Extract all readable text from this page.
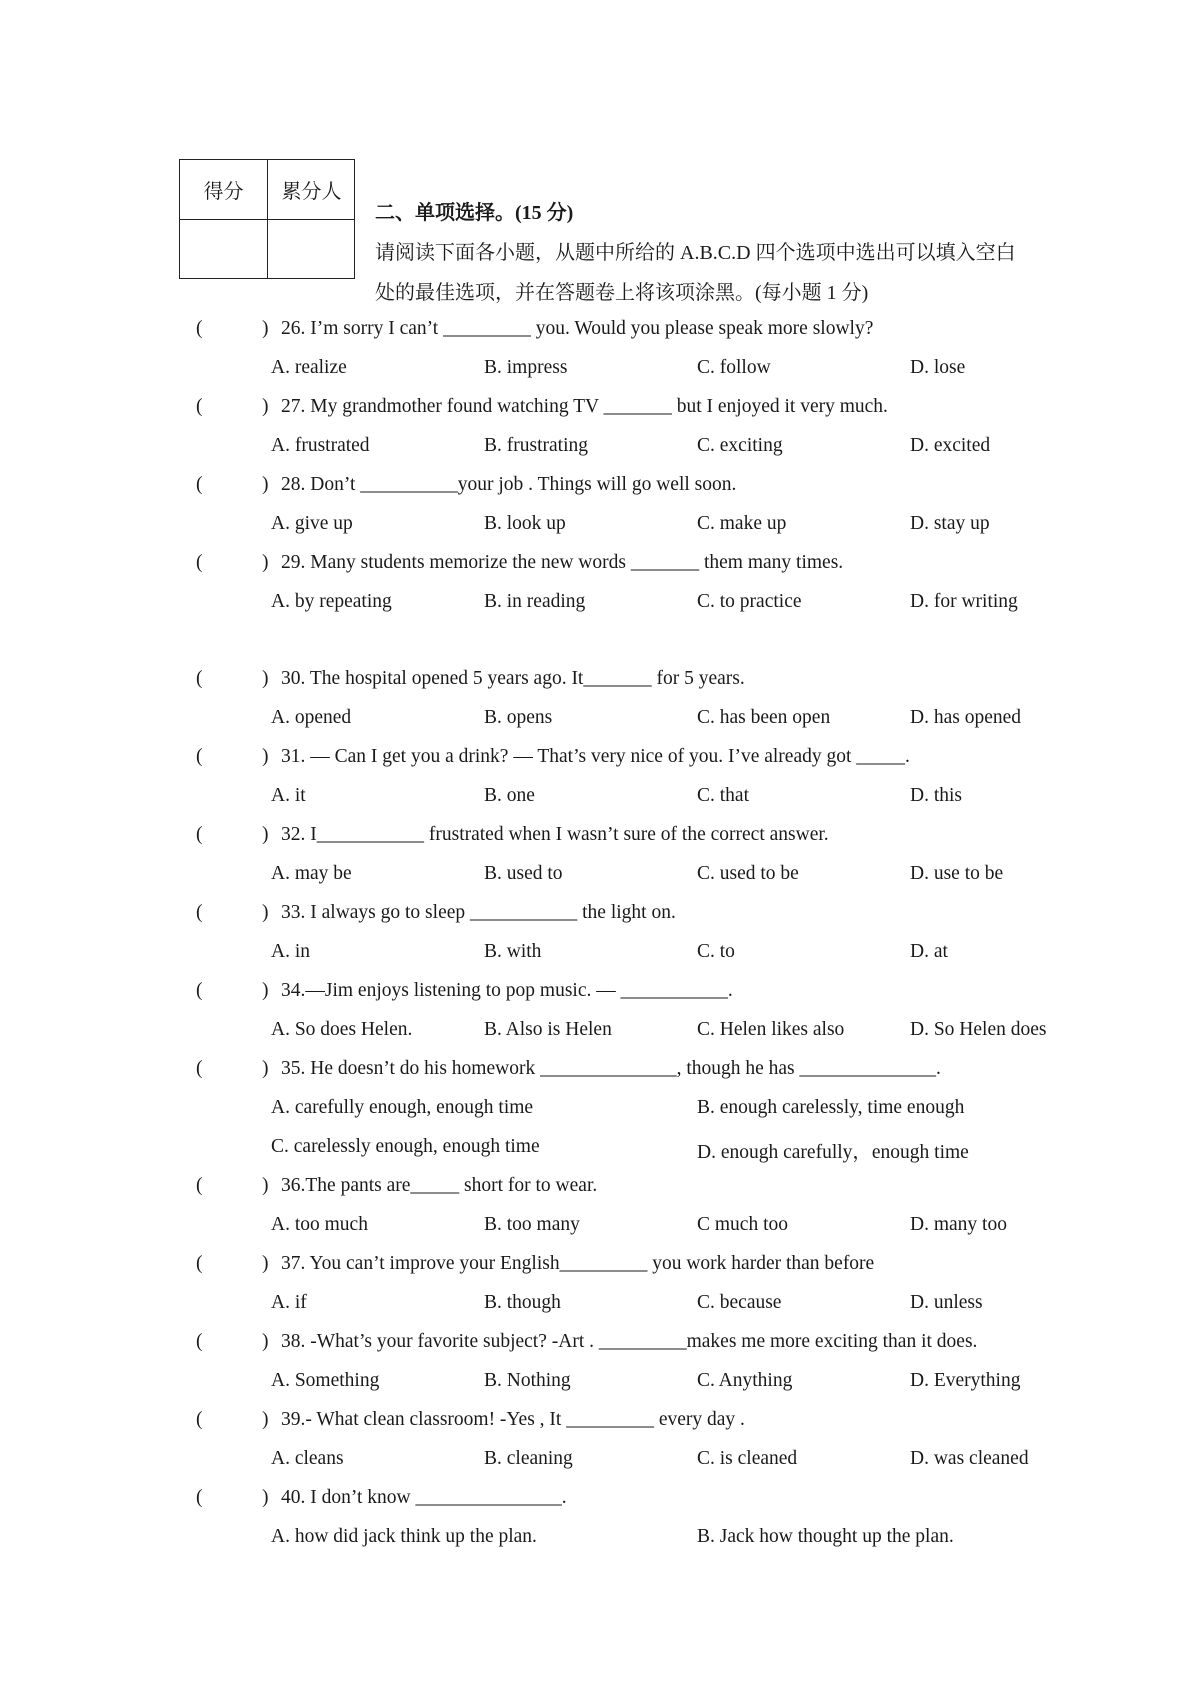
得分	累分人
二、单项选择。(15 分)
请阅读下面各小题，从题中所给的 A.B.C.D 四个选项中选出可以填入空白
处的最佳选项，并在答题卷上将该项涂黑。(每小题 1 分)
(	) 26. I’m sorry I can’t _________ you. Would you please speak more slowly?
A. realize	B. impress	C. follow	D. lose
(	) 27. My grandmother found watching TV _______ but I enjoyed it very much.
A. frustrated	B. frustrating	C. exciting	D. excited
(	) 28. Don’t __________your job . Things will go well soon.
A. give up	B. look up	C. make up	D. stay up
(	) 29. Many students memorize the new words _______ them many times.
A. by repeating	B. in reading	C. to practice	D. for writing
(	) 30. The hospital opened 5 years ago. It_______ for 5 years.
A. opened	B. opens	C. has been open	D. has opened
(	) 31. — Can I get you a drink? — That’s very nice of you. I’ve already got _____.
A. it	B. one	C. that	D. this
(	) 32. I___________ frustrated when I wasn’t sure of the correct answer.
A. may be	B. used to	C. used to be	D. use to be
(	) 33. I always go to sleep ___________ the light on.
A. in	B. with	C. to	D. at
(	) 34.—Jim enjoys listening to pop music. — ___________.
A. So does Helen.	B. Also is Helen	C. Helen likes also	D. So Helen does
(	) 35. He doesn’t do his homework ______________, though he has ______________.
A. carefully enough, enough time	B. enough carelessly, time enough
C. carelessly enough, enough time	D. enough carefully，enough time
(	) 36.The pants are_____ short for to wear.
A. too much	B. too many	C much too	D. many too
(	) 37. You can’t improve your English_________ you work harder than before
A. if	B. though	C. because	D. unless
(	) 38. -What’s your favorite subject? -Art . _________makes me more exciting than it does.
A. Something	B. Nothing	C. Anything	D. Everything
(	) 39.- What clean classroom! -Yes , It _________ every day .
A. cleans	B. cleaning	C. is cleaned	D. was cleaned
(	) 40. I don’t know _______________.
A. how did jack think up the plan.	B. Jack how thought up the plan.
